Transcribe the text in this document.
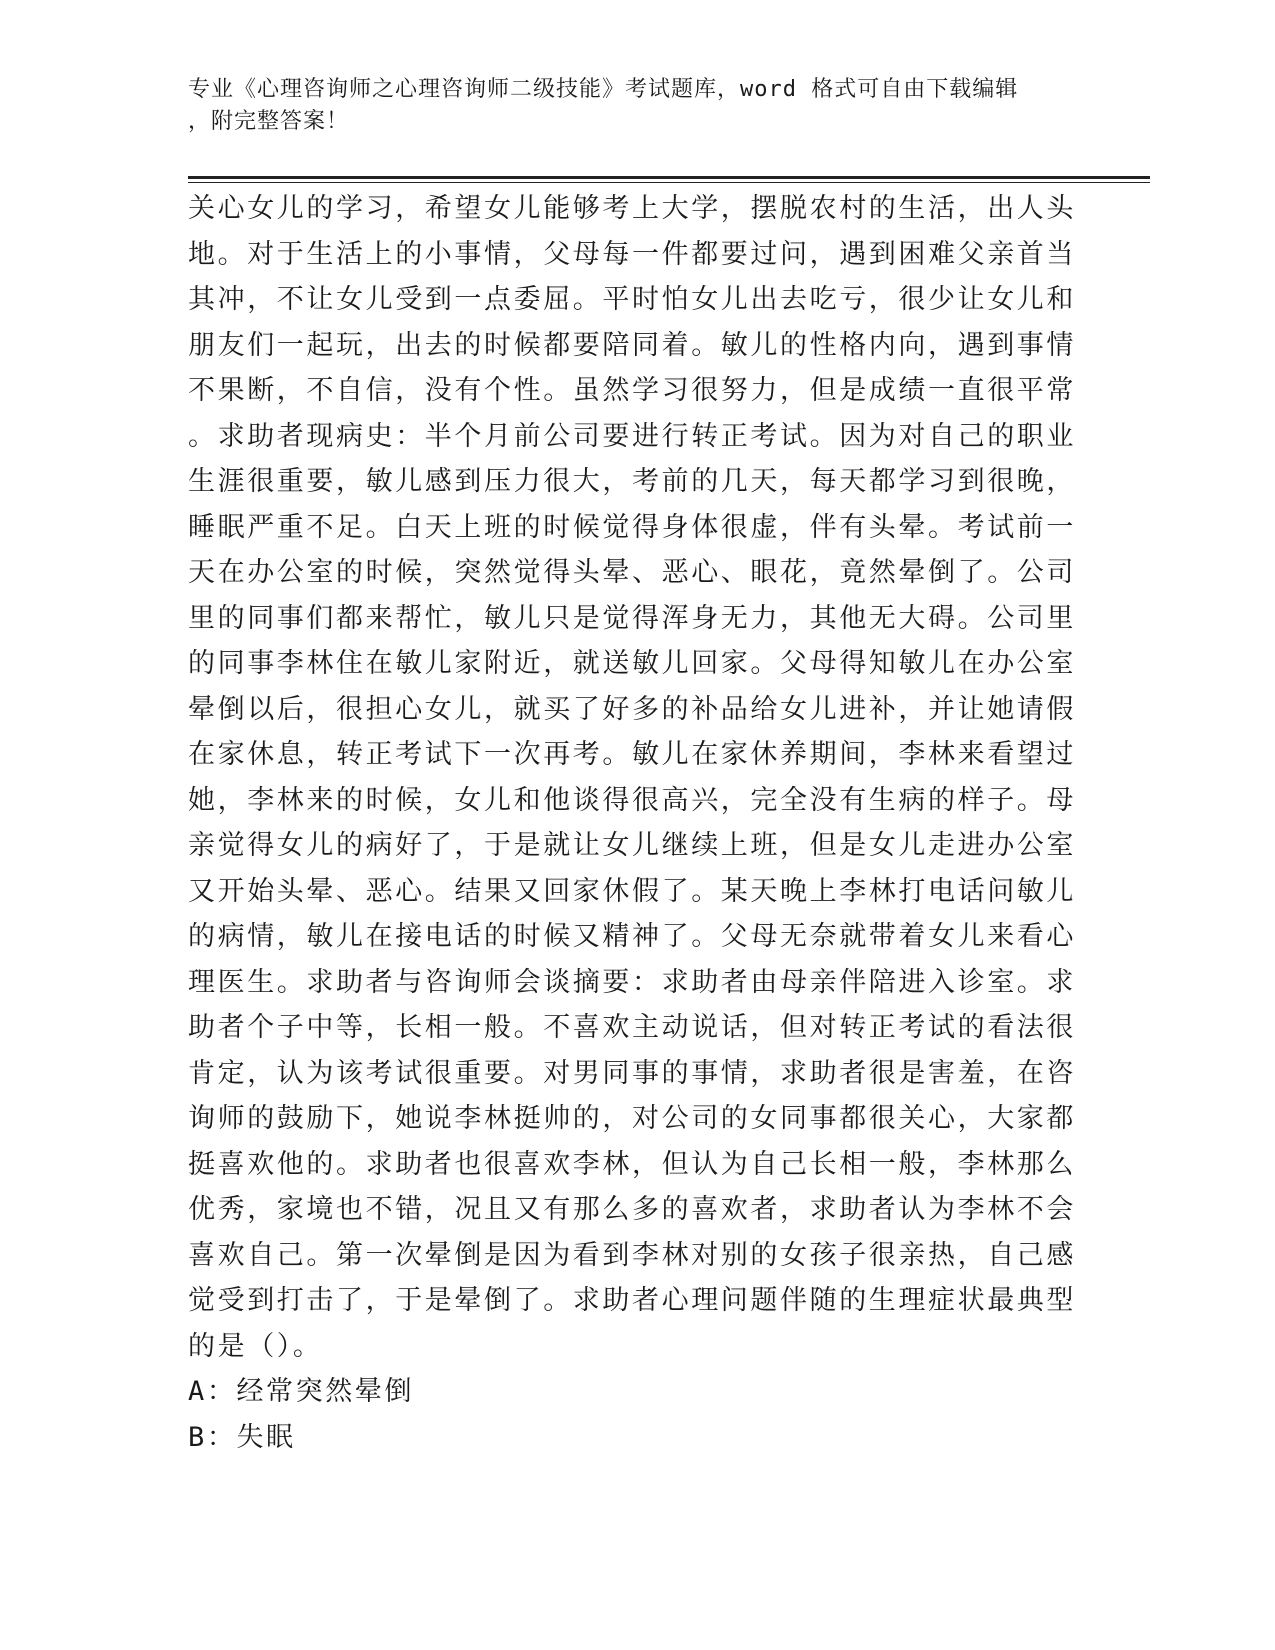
专业《心理咨询师之心理咨询师二级技能》考试题库，word 格式可自由下载编辑
，附完整答案！
关心女儿的学习，希望女儿能够考上大学，摆脱农村的生活，出人头
地。对于生活上的小事情，父母每一件都要过问，遇到困难父亲首当
其冲，不让女儿受到一点委屈。平时怕女儿出去吃亏，很少让女儿和
朋友们一起玩，出去的时候都要陪同着。敏儿的性格内向，遇到事情
不果断，不自信，没有个性。虽然学习很努力，但是成绩一直很平常
。求助者现病史：半个月前公司要进行转正考试。因为对自己的职业
生涯很重要，敏儿感到压力很大，考前的几天，每天都学习到很晚，
睡眠严重不足。白天上班的时候觉得身体很虚，伴有头晕。考试前一
天在办公室的时候，突然觉得头晕、恶心、眼花，竟然晕倒了。公司
里的同事们都来帮忙，敏儿只是觉得浑身无力，其他无大碍。公司里
的同事李林住在敏儿家附近，就送敏儿回家。父母得知敏儿在办公室
晕倒以后，很担心女儿，就买了好多的补品给女儿进补，并让她请假
在家休息，转正考试下一次再考。敏儿在家休养期间，李林来看望过
她，李林来的时候，女儿和他谈得很高兴，完全没有生病的样子。母
亲觉得女儿的病好了，于是就让女儿继续上班，但是女儿走进办公室
又开始头晕、恶心。结果又回家休假了。某天晚上李林打电话问敏儿
的病情，敏儿在接电话的时候又精神了。父母无奈就带着女儿来看心
理医生。求助者与咨询师会谈摘要：求助者由母亲伴陪进入诊室。求
助者个子中等，长相一般。不喜欢主动说话，但对转正考试的看法很
肯定，认为该考试很重要。对男同事的事情，求助者很是害羞，在咨
询师的鼓励下，她说李林挺帅的，对公司的女同事都很关心，大家都
挺喜欢他的。求助者也很喜欢李林，但认为自己长相一般，李林那么
优秀，家境也不错，况且又有那么多的喜欢者，求助者认为李林不会
喜欢自己。第一次晕倒是因为看到李林对别的女孩子很亲热，自己感
觉受到打击了，于是晕倒了。求助者心理问题伴随的生理症状最典型
的是（）。
A：经常突然晕倒
B：失眠
